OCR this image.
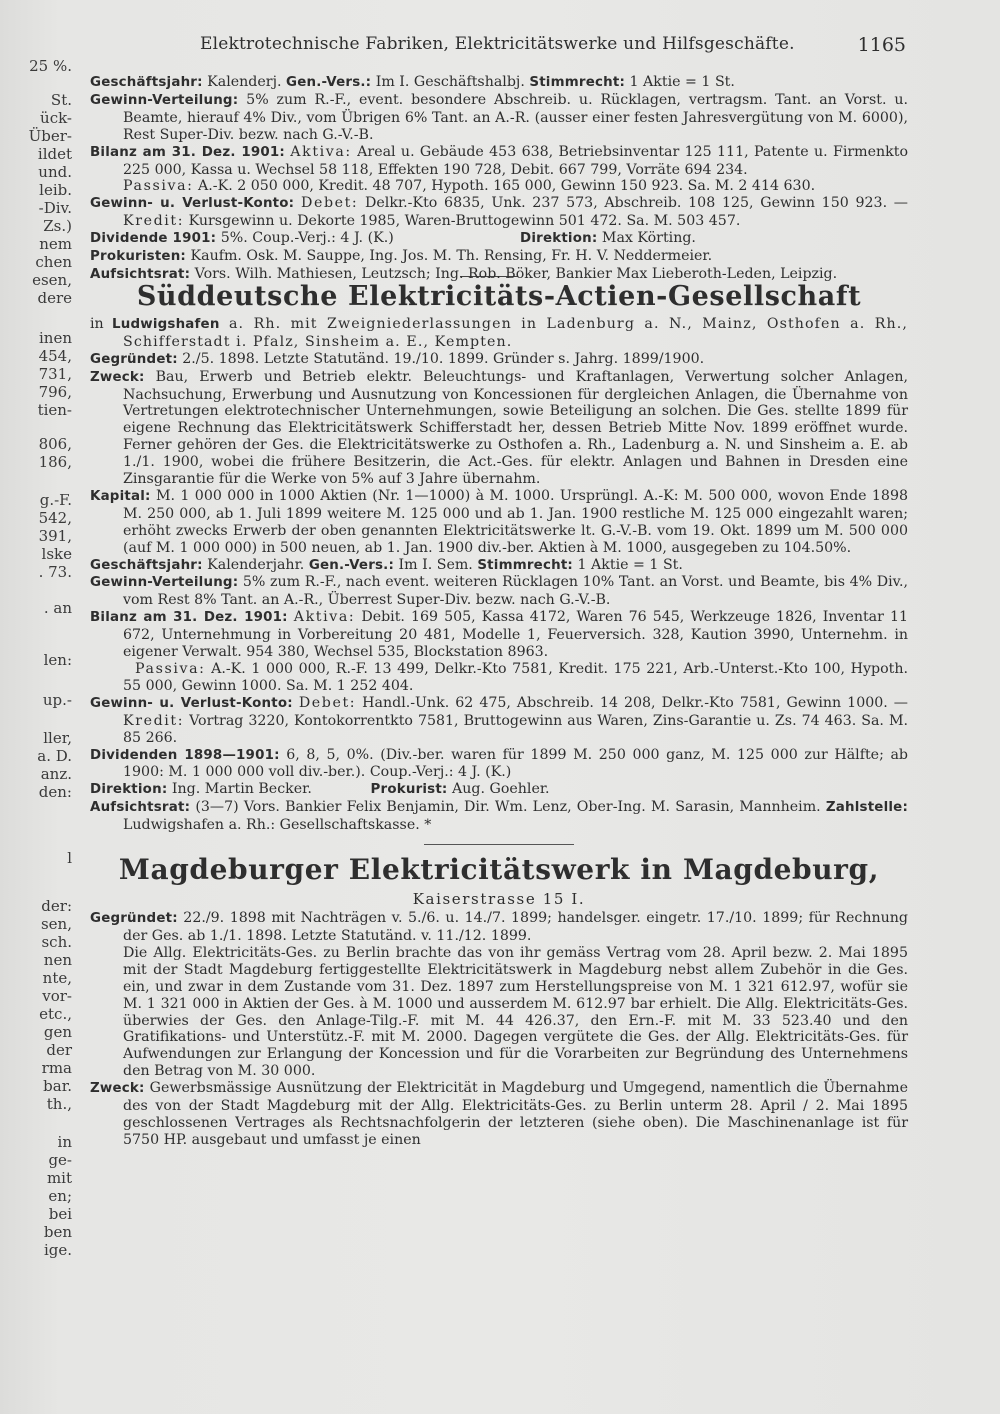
25 %.
St.
ück-
Über-
ildet
und.
leib.
-Div.
Zs.)
nem
chen
esen,
dere
inen
454,
731,
796,
tien-
806,
186,
g.-F.
542,
391,
lske
. 73.
. an
len:
up.-
ller,
a. D.
anz.
den:
l
der:
sen,
sch.
nen
nte,
vor-
etc.,
gen
der
rma
bar.
th.,
in
ge-
mit
en;
bei
ben
ige.
Elektrotechnische Fabriken, Elektricitätswerke und Hilfsgeschäfte.	1165

Geschäftsjahr: Kalenderj. Gen.-Vers.: Im I. Geschäftshalbj. Stimmrecht: 1 Aktie = 1 St.

Gewinn-Verteilung: 5% zum R.-F., event. besondere Abschreib. u. Rücklagen, vertragsm. Tant. an Vorst. u. Beamte, hierauf 4% Div., vom Übrigen 6% Tant. an A.-R. (ausser einer festen Jahresvergütung von M. 6000), Rest Super-Div. bezw. nach G.-V.-B.

Bilanz am 31. Dez. 1901: Aktiva: Areal u. Gebäude 453 638, Betriebsinventar 125 111, Patente u. Firmenkto 225 000, Kassa u. Wechsel 58 118, Effekten 190 728, Debit. 667 799, Vorräte 694 234.

Passiva: A.-K. 2 050 000, Kredit. 48 707, Hypoth. 165 000, Gewinn 150 923. Sa. M. 2 414 630.

Gewinn- u. Verlust-Konto: Debet: Delkr.-Kto 6835, Unk. 237 573, Abschreib. 108 125, Gewinn 150 923. — Kredit: Kursgewinn u. Dekorte 1985, Waren-Bruttogewinn 501 472. Sa. M. 503 457.

Dividende 1901: 5%. Coup.-Verj.: 4 J. (K.)	Direktion: Max Körting.

Prokuristen: Kaufm. Osk. M. Sauppe, Ing. Jos. M. Th. Rensing, Fr. H. V. Neddermeier.

Aufsichtsrat: Vors. Wilh. Mathiesen, Leutzsch; Ing. Rob. Böker, Bankier Max Lieberoth-Leden, Leipzig.

Süddeutsche Elektricitäts-Actien-Gesellschaft

in Ludwigshafen a. Rh. mit Zweigniederlassungen in Ladenburg a. N., Mainz, Osthofen a. Rh., Schifferstadt i. Pfalz, Sinsheim a. E., Kempten.

Gegründet: 2./5. 1898. Letzte Statutänd. 19./10. 1899. Gründer s. Jahrg. 1899/1900.

Zweck: Bau, Erwerb und Betrieb elektr. Beleuchtungs- und Kraftanlagen, Verwertung solcher Anlagen, Nachsuchung, Erwerbung und Ausnutzung von Koncessionen für dergleichen Anlagen, die Übernahme von Vertretungen elektrotechnischer Unternehmungen, sowie Beteiligung an solchen. Die Ges. stellte 1899 für eigene Rechnung das Elektricitätswerk Schifferstadt her, dessen Betrieb Mitte Nov. 1899 eröffnet wurde. Ferner gehören der Ges. die Elektricitätswerke zu Osthofen a. Rh., Ladenburg a. N. und Sinsheim a. E. ab 1./1. 1900, wobei die frühere Besitzerin, die Act.-Ges. für elektr. Anlagen und Bahnen in Dresden eine Zinsgarantie für die Werke von 5% auf 3 Jahre übernahm.

Kapital: M. 1 000 000 in 1000 Aktien (Nr. 1—1000) à M. 1000. Ursprüngl. A.-K: M. 500 000, wovon Ende 1898 M. 250 000, ab 1. Juli 1899 weitere M. 125 000 und ab 1. Jan. 1900 restliche M. 125 000 eingezahlt waren; erhöht zwecks Erwerb der oben genannten Elektricitätswerke lt. G.-V.-B. vom 19. Okt. 1899 um M. 500 000 (auf M. 1 000 000) in 500 neuen, ab 1. Jan. 1900 div.-ber. Aktien à M. 1000, ausgegeben zu 104.50%.

Geschäftsjahr: Kalenderjahr. Gen.-Vers.: Im I. Sem. Stimmrecht: 1 Aktie = 1 St.

Gewinn-Verteilung: 5% zum R.-F., nach event. weiteren Rücklagen 10% Tant. an Vorst. und Beamte, bis 4% Div., vom Rest 8% Tant. an A.-R., Überrest Super-Div. bezw. nach G.-V.-B.

Bilanz am 31. Dez. 1901: Aktiva: Debit. 169 505, Kassa 4172, Waren 76 545, Werkzeuge 1826, Inventar 11 672, Unternehmung in Vorbereitung 20 481, Modelle 1, Feuerversich. 328, Kaution 3990, Unternehm. in eigener Verwalt. 954 380, Wechsel 535, Blockstation 8963.

Passiva: A.-K. 1 000 000, R.-F. 13 499, Delkr.-Kto 7581, Kredit. 175 221, Arb.-Unterst.-Kto 100, Hypoth. 55 000, Gewinn 1000. Sa. M. 1 252 404.

Gewinn- u. Verlust-Konto: Debet: Handl.-Unk. 62 475, Abschreib. 14 208, Delkr.-Kto 7581, Gewinn 1000. — Kredit: Vortrag 3220, Kontokorrentkto 7581, Bruttogewinn aus Waren, Zins-Garantie u. Zs. 74 463. Sa. M. 85 266.

Dividenden 1898—1901: 6, 8, 5, 0%. (Div.-ber. waren für 1899 M. 250 000 ganz, M. 125 000 zur Hälfte; ab 1900: M. 1 000 000 voll div.-ber.). Coup.-Verj.: 4 J. (K.)

Direktion: Ing. Martin Becker.	Prokurist: Aug. Goehler.

Aufsichtsrat: (3—7) Vors. Bankier Felix Benjamin, Dir. Wm. Lenz, Ober-Ing. M. Sarasin, Mannheim. Zahlstelle: Ludwigshafen a. Rh.: Gesellschaftskasse. *

Magdeburger Elektricitätswerk in Magdeburg,
Kaiserstrasse 15 I.

Gegründet: 22./9. 1898 mit Nachträgen v. 5./6. u. 14./7. 1899; handelsger. eingetr. 17./10. 1899; für Rechnung der Ges. ab 1./1. 1898. Letzte Statutänd. v. 11./12. 1899.

Die Allg. Elektricitäts-Ges. zu Berlin brachte das von ihr gemäss Vertrag vom 28. April bezw. 2. Mai 1895 mit der Stadt Magdeburg fertiggestellte Elektricitätswerk in Magdeburg nebst allem Zubehör in die Ges. ein, und zwar in dem Zustande vom 31. Dez. 1897 zum Herstellungspreise von M. 1 321 612.97, wofür sie M. 1 321 000 in Aktien der Ges. à M. 1000 und ausserdem M. 612.97 bar erhielt. Die Allg. Elektricitäts-Ges. überwies der Ges. den Anlage-Tilg.-F. mit M. 44 426.37, den Ern.-F. mit M. 33 523.40 und den Gratifikations- und Unterstütz.-F. mit M. 2000. Dagegen vergütete die Ges. der Allg. Elektricitäts-Ges. für Aufwendungen zur Erlangung der Koncession und für die Vorarbeiten zur Begründung des Unternehmens den Betrag von M. 30 000.

Zweck: Gewerbsmässige Ausnützung der Elektricität in Magdeburg und Umgegend, namentlich die Übernahme des von der Stadt Magdeburg mit der Allg. Elektricitäts-Ges. zu Berlin unterm 28. April / 2. Mai 1895 geschlossenen Vertrages als Rechtsnachfolgerin der letzteren (siehe oben). Die Maschinenanlage ist für 5750 HP. ausgebaut und umfasst je einen
